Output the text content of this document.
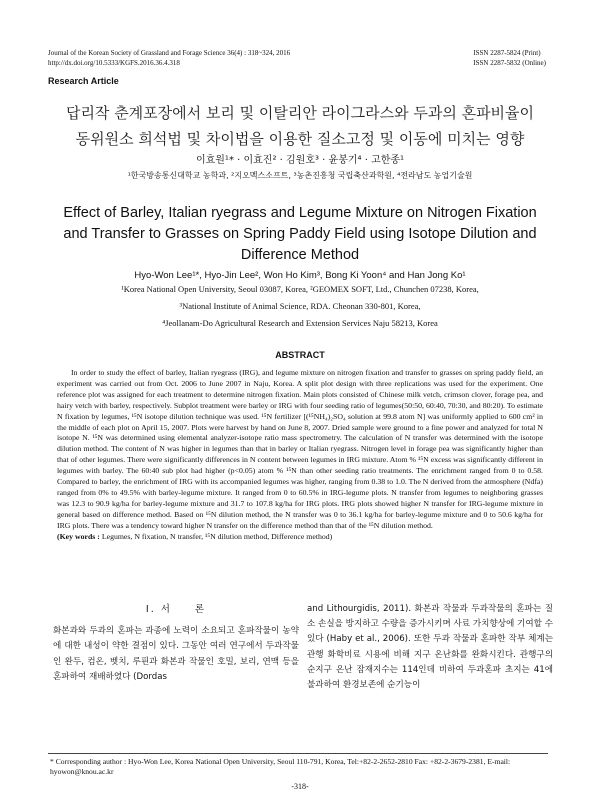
Journal of the Korean Society of Grassland and Forage Science 36(4) : 318~324, 2016
http://dx.doi.org/10.5333/KGFS.2016.36.4.318
ISSN 2287-5824 (Print)
ISSN 2287-5832 (Online)
Research Article
답리작 춘계포장에서 보리 및 이탈리안 라이그라스와 두과의 혼파비율이
동위원소 희석법 및 차이법을 이용한 질소고정 및 이동에 미치는 영향
이효원¹* · 이효진² · 김원호³ · 윤봉기⁴ · 고한종¹
¹한국방송통신대학교 농학과, ²지오멕스소프트, ³농촌진흥청 국립축산과학원, ⁴전라남도 농업기술원
Effect of Barley, Italian ryegrass and Legume Mixture on Nitrogen Fixation
and Transfer to Grasses on Spring Paddy Field using Isotope Dilution and
Difference Method
Hyo-Won Lee¹*, Hyo-Jin Lee², Won Ho Kim³, Bong Ki Yoon⁴ and Han Jong Ko¹
¹Korea National Open University, Seoul 03087, Korea, ²GEOMEX SOFT, Ltd., Chunchen 07238, Korea,
³National Institute of Animal Science, RDA. Cheonan 330-801, Korea,
⁴Jeollanam-Do Agricultural Research and Extension Services Naju 58213, Korea
ABSTRACT

In order to study the effect of barley, Italian ryegrass (IRG), and legume mixture on nitrogen fixation and transfer to grasses on spring paddy field, an experiment was carried out from Oct. 2006 to June 2007 in Naju, Korea. A split plot design with three replications was used for the experiment. One reference plot was assigned for each treatment to determine nitrogen fixation. Main plots consisted of Chinese milk vetch, crimson clover, forage pea, and hairy vetch with barley, respectively. Subplot treatment were barley or IRG with four seeding ratio of legumes(50:50, 60:40, 70:30, and 80:20). To estimate N fixation by legumes, ¹⁵N isotope dilution technique was used. ¹⁵N fertilizer [(¹⁵NH₄)₂SO₄ solution at 99.8 atom N] was uniformly applied to 600 cm² in the middle of each plot on April 15, 2007. Plots were harvest by hand on June 8, 2007. Dried sample were ground to a fine power and analyzed for total N isotope N. ¹⁵N was determined using elemental analyzer-isotope ratio mass spectrometry. The calculation of N transfer was determined with the isotope dilution method. The content of N was higher in legumes than that in barley or Italian ryegrass. Nitrogen level in forage pea was significantly higher than that of other legumes. There were significantly differences in N content between legumes in IRG mixture. Atom % ¹⁵N excess was significantly different in legumes with barley. The 60:40 sub plot had higher (p<0.05) atom % ¹⁵N than other seeding ratio treatments. The enrichment ranged from 0 to 0.58. Compared to barley, the enrichment of IRG with its accompanied legumes was higher, ranging from 0.38 to 1.0. The N derived from the atmosphere (Ndfa) ranged from 0% to 49.5% with barley-legume mixture. It ranged from 0 to 60.5% in IRG-legume plots. N transfer from legumes to neighboring grasses was 12.3 to 90.9 kg/ha for barley-legume mixture and 31.7 to 107.8 kg/ha for IRG plots. IRG plots showed higher N transfer for IRG-legume mixture in general based on difference method. Based on ¹⁵N dilution method, the N transfer was 0 to 36.1 kg/ha for barley-legume mixture and 0 to 50.6 kg/ha for IRG plots. There was a tendency toward higher N transfer on the difference method than that of the ¹⁵N dilution method.

(Key words : Legumes, N fixation, N transfer, ¹⁵N dilution method, Difference method)
Ⅰ. 서　　론

화본과와 두과의 혼파는 과종에 노력이 소요되고 혼파작물이 농약에 대한 내성이 약한 결점이 있다. 그동안 여러 연구에서 두과작물인 완두, 컴온, 벳치, 루핀과 화본과 작물인 호밀, 보리, 연맥 등을 혼파하여 재배하였다 (Dordas

and Lithourgidis, 2011). 화본과 작물과 두과작물의 혼파는 질소 손실을 방지하고 수량을 증가시키며 사료 가치향상에 기여할 수 있다 (Haby et al., 2006). 또한 두과 작물과 혼파한 작부 체계는 관행 화학비료 시용에 비해 지구 온난화를 완화시킨다. 관행구의 순지구 온난 잠재지수는 114인데 비하여 두과혼파 초지는 41에 불과하여 환경보존에 순기능이

* Corresponding author : Hyo-Won Lee, Korea National Open University, Seoul 110-791, Korea, Tel:+82-2-2652-2810 Fax: +82-2-3679-2381, E-mail: hyowon@knou.ac.kr
-318-
